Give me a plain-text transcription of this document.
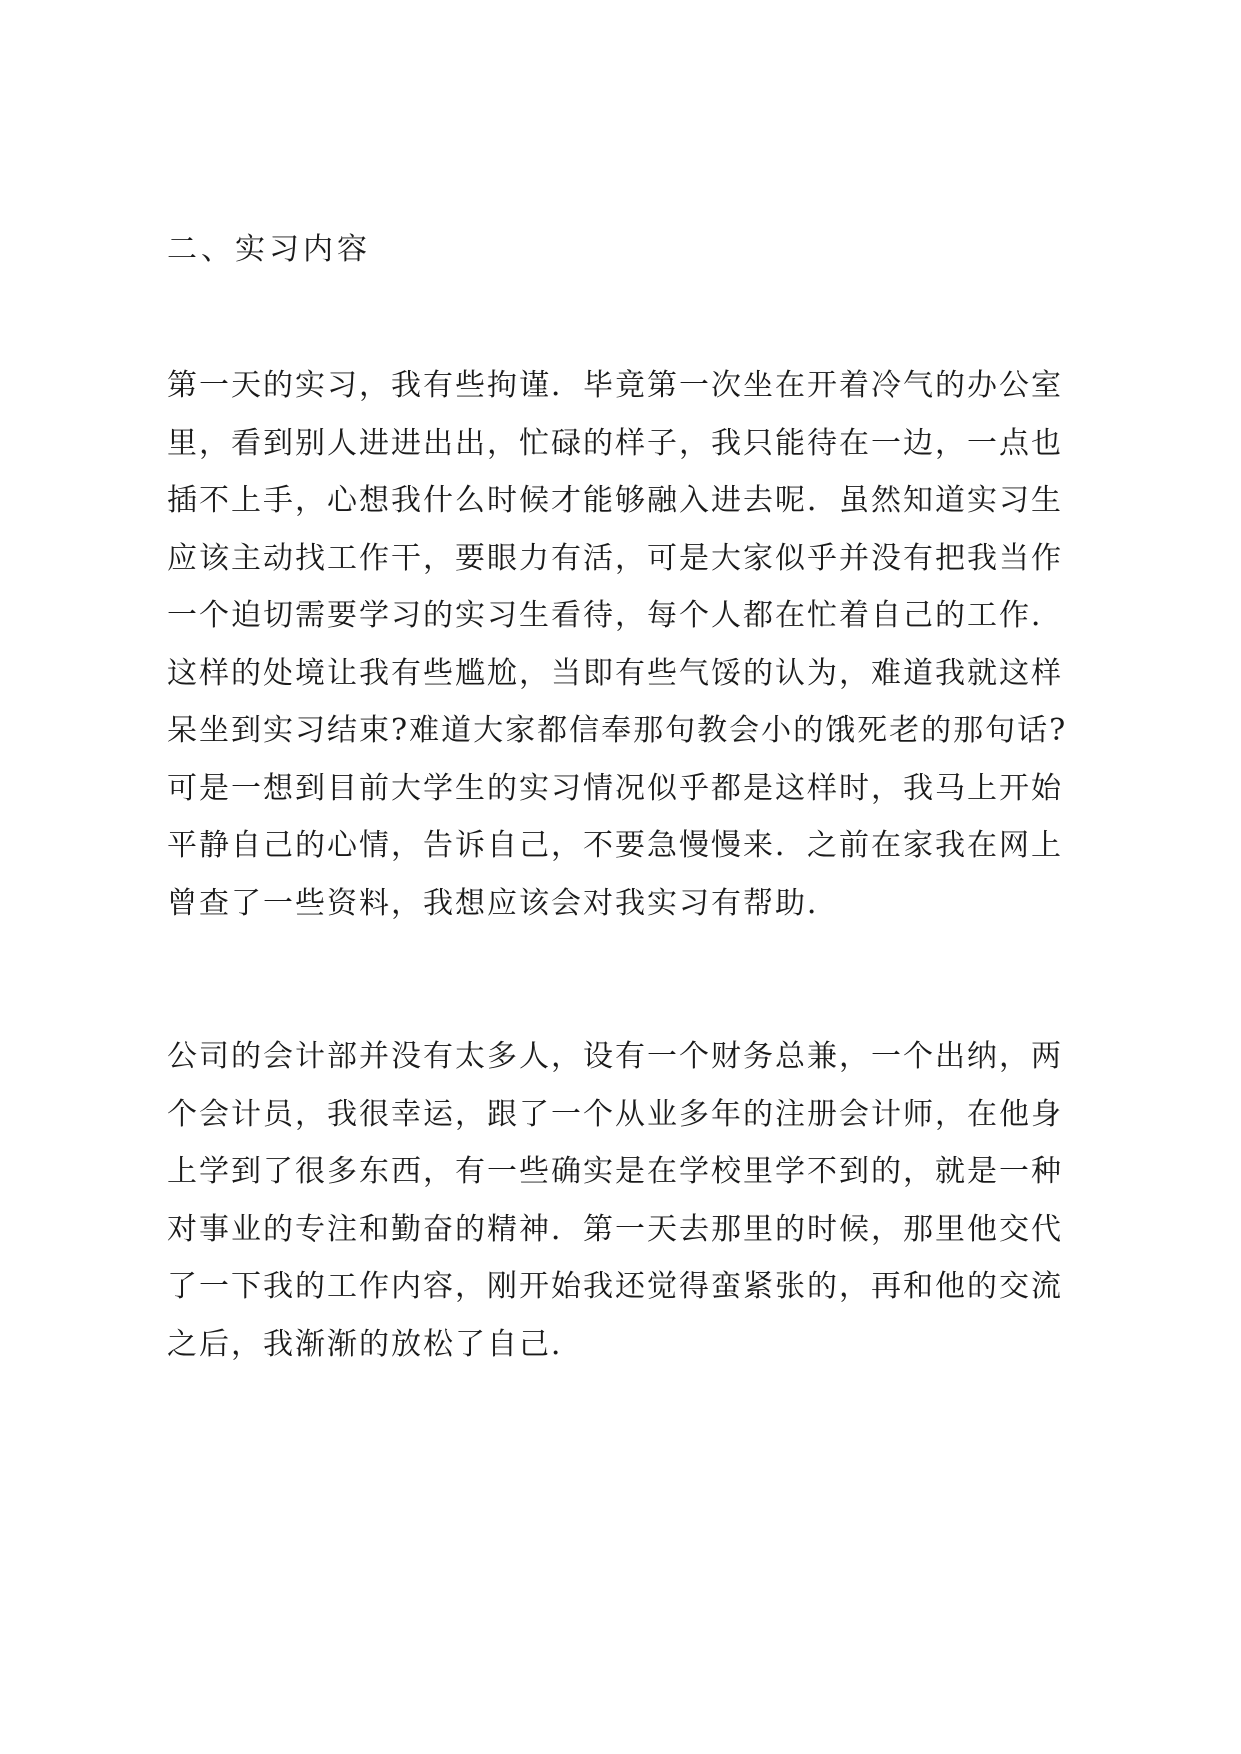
二、实习内容

第一天的实习，我有些拘谨．毕竟第一次坐在开着冷气的办公室
里，看到别人进进出出，忙碌的样子，我只能待在一边，一点也
插不上手，心想我什么时候才能够融入进去呢．虽然知道实习生
应该主动找工作干，要眼力有活，可是大家似乎并没有把我当作
一个迫切需要学习的实习生看待，每个人都在忙着自己的工作．
这样的处境让我有些尴尬，当即有些气馁的认为，难道我就这样
呆坐到实习结束?难道大家都信奉那句教会小的饿死老的那句话?
可是一想到目前大学生的实习情况似乎都是这样时，我马上开始
平静自己的心情，告诉自己，不要急慢慢来．之前在家我在网上
曾查了一些资料，我想应该会对我实习有帮助．

公司的会计部并没有太多人，设有一个财务总兼，一个出纳，两
个会计员，我很幸运，跟了一个从业多年的注册会计师，在他身
上学到了很多东西，有一些确实是在学校里学不到的，就是一种
对事业的专注和勤奋的精神．第一天去那里的时候，那里他交代
了一下我的工作内容，刚开始我还觉得蛮紧张的，再和他的交流
之后，我渐渐的放松了自己．
